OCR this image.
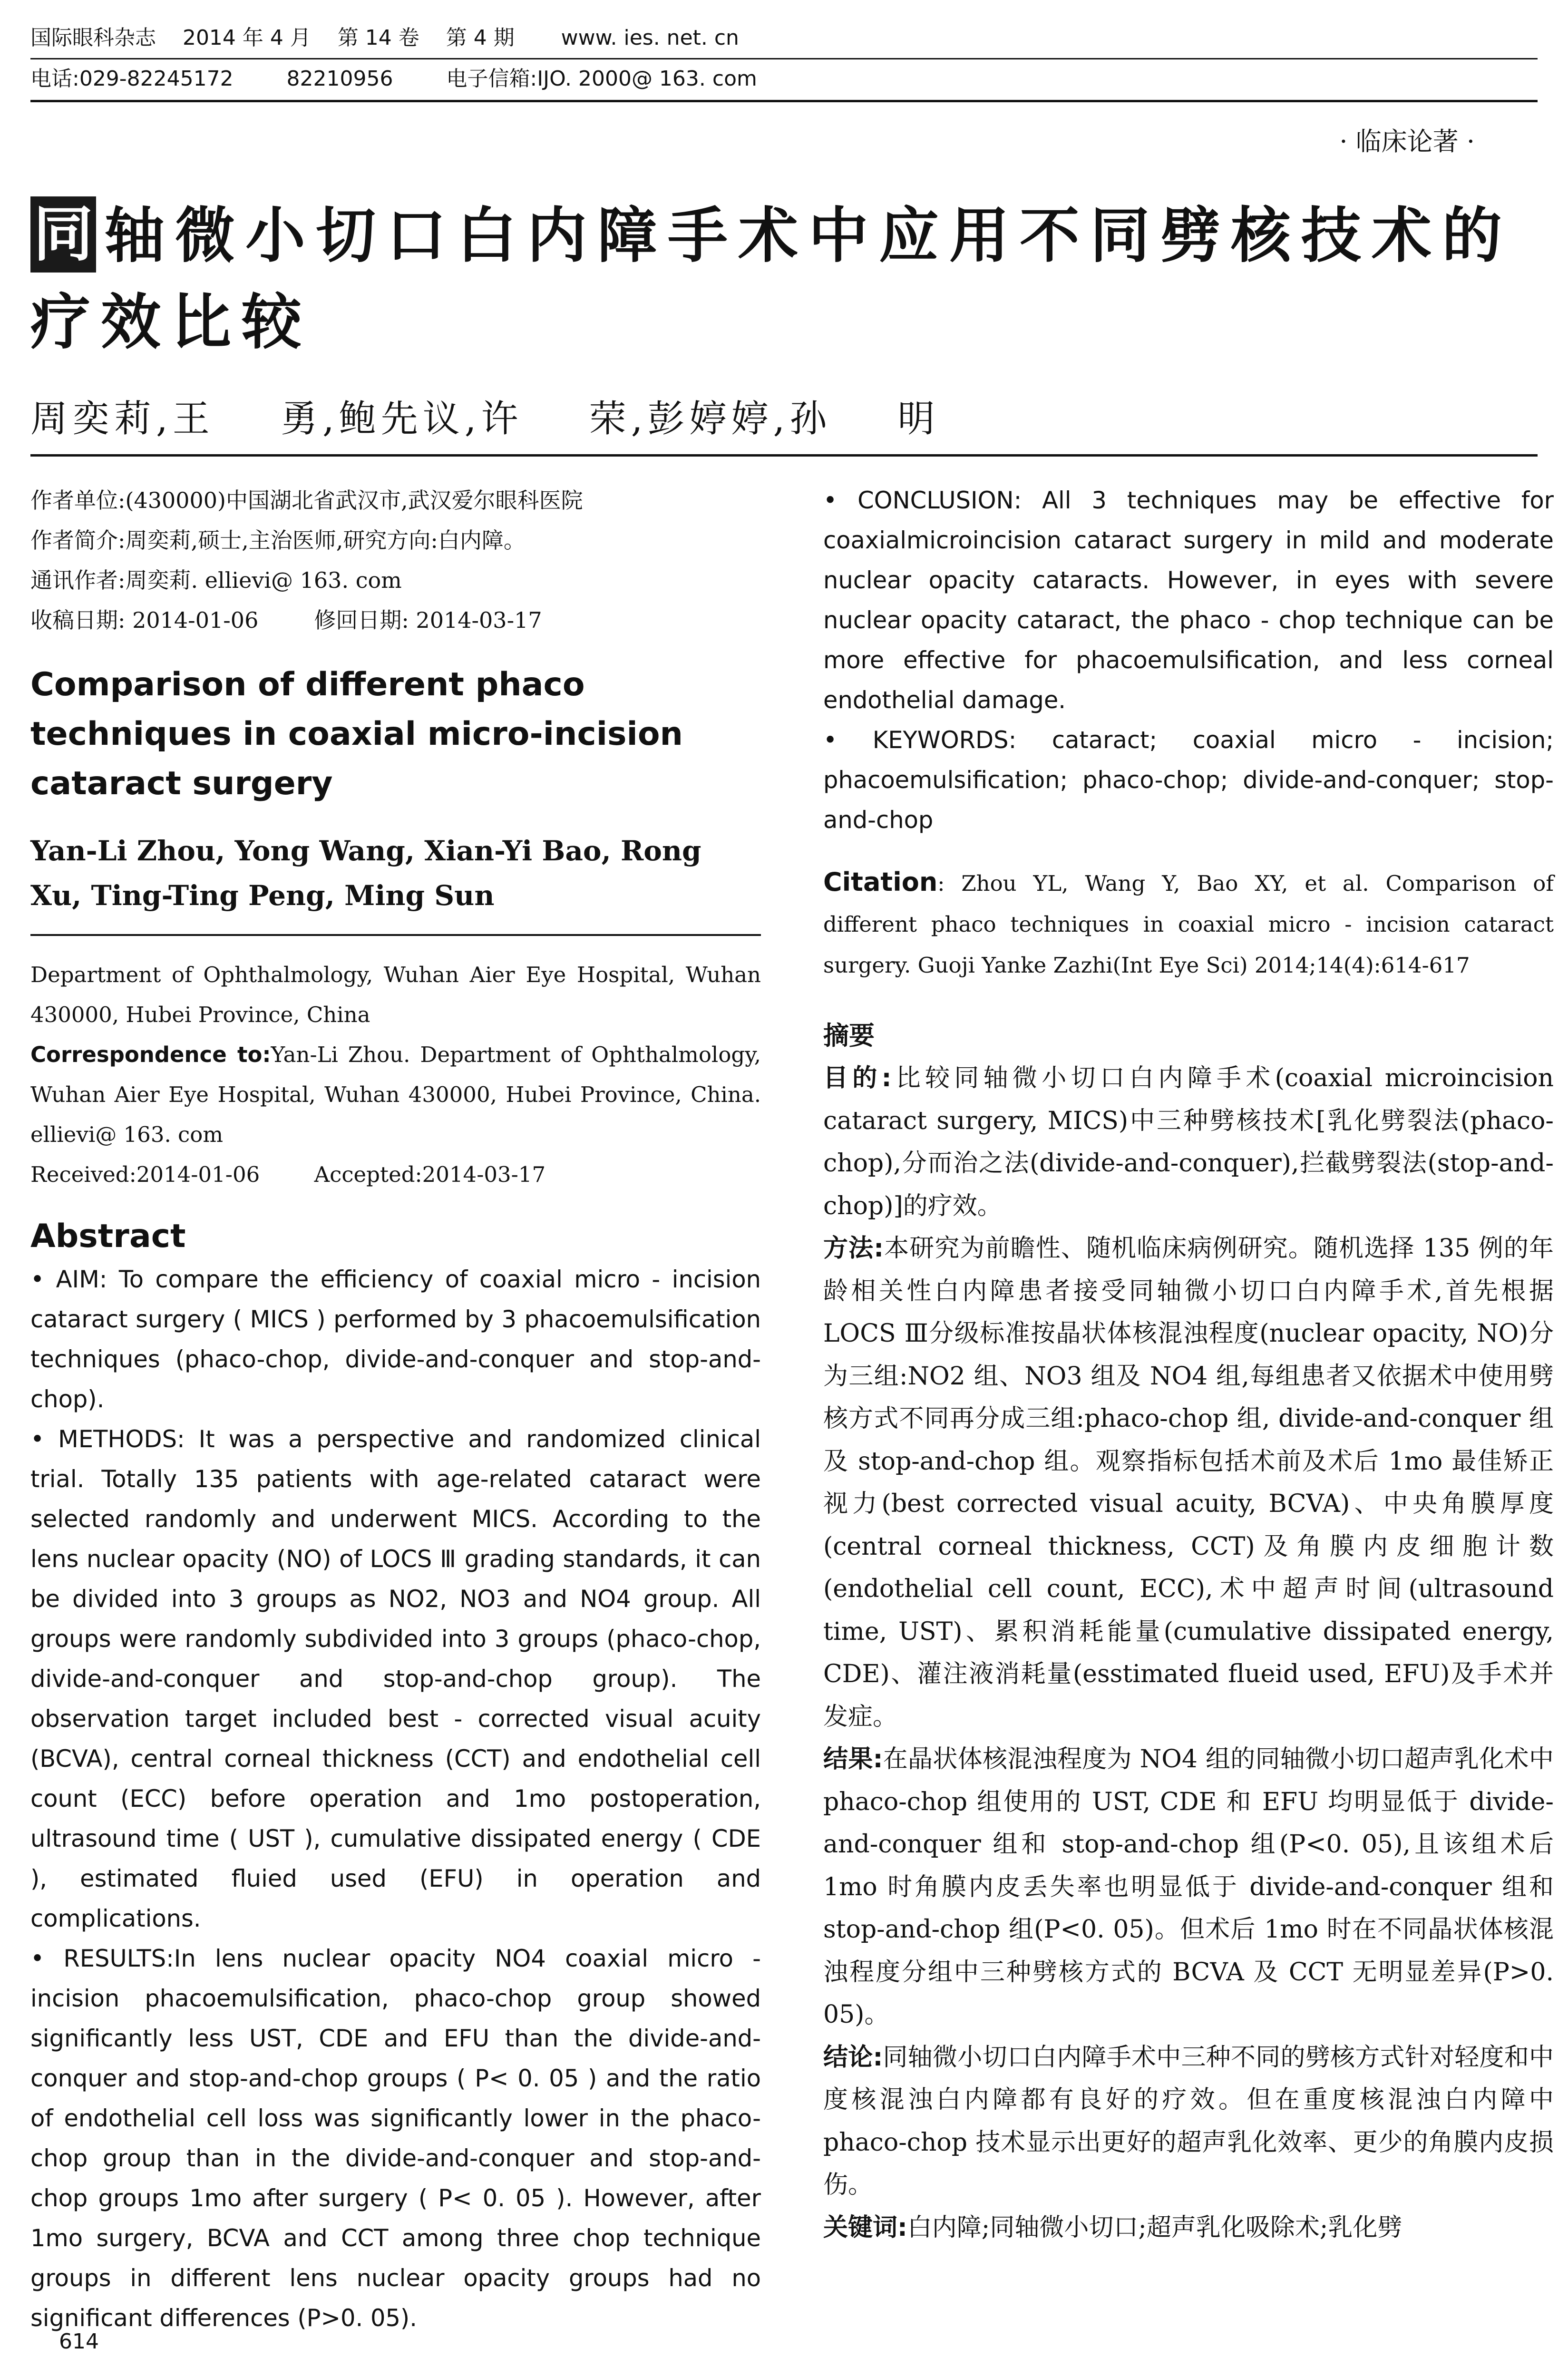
国际眼科杂志    2014 年 4 月    第 14 卷    第 4 期       www. ies. net. cn
电话:029-82245172        82210956        电子信箱:IJO. 2000@ 163. com
· 临床论著 ·
同 轴微小切口白内障手术中应用不同劈核技术的疗效比较
周奕莉,王    勇,鲍先议,许    荣,彭婷婷,孙    明
作者单位:(430000)中国湖北省武汉市,武汉爱尔眼科医院
作者简介:周奕莉,硕士,主治医师,研究方向:白内障。
通讯作者:周奕莉. ellievi@ 163. com
收稿日期: 2014-01-06        修回日期: 2014-03-17
Comparison of different phaco techniques in coaxial micro-incision cataract surgery
Yan-Li Zhou, Yong Wang, Xian-Yi Bao, Rong Xu, Ting-Ting Peng, Ming Sun
Department of Ophthalmology, Wuhan Aier Eye Hospital, Wuhan 430000, Hubei Province, China
Correspondence to:Yan-Li Zhou. Department of Ophthalmology, Wuhan Aier Eye Hospital, Wuhan 430000, Hubei Province, China. ellievi@ 163. com
Received:2014-01-06        Accepted:2014-03-17
Abstract

• AIM: To compare the efficiency of coaxial micro - incision cataract surgery ( MICS ) performed by 3 phacoemulsification techniques (phaco-chop, divide-and-conquer and stop-and-chop).

• METHODS: It was a perspective and randomized clinical trial. Totally 135 patients with age-related cataract were selected randomly and underwent MICS. According to the lens nuclear opacity (NO) of LOCS Ⅲ grading standards, it can be divided into 3 groups as NO2, NO3 and NO4 group. All groups were randomly subdivided into 3 groups (phaco-chop, divide-and-conquer and stop-and-chop group). The observation target included best - corrected visual acuity (BCVA), central corneal thickness (CCT) and endothelial cell count (ECC) before operation and 1mo postoperation, ultrasound time ( UST ), cumulative dissipated energy ( CDE ), estimated fluied used (EFU) in operation and complications.

• RESULTS:In lens nuclear opacity NO4 coaxial micro - incision phacoemulsification, phaco-chop group showed significantly less UST, CDE and EFU than the divide-and-conquer and stop-and-chop groups ( P< 0. 05 ) and the ratio of endothelial cell loss was significantly lower in the phaco-chop group than in the divide-and-conquer and stop-and-chop groups 1mo after surgery ( P< 0. 05 ). However, after 1mo surgery, BCVA and CCT among three chop technique groups in different lens nuclear opacity groups had no significant differences (P>0. 05).

• CONCLUSION: All 3 techniques may be effective for coaxialmicroincision cataract surgery in mild and moderate nuclear opacity cataracts. However, in eyes with severe nuclear opacity cataract, the phaco - chop technique can be more effective for phacoemulsification, and less corneal endothelial damage.

• KEYWORDS: cataract; coaxial micro - incision; phacoemulsification; phaco-chop; divide-and-conquer; stop-and-chop

Citation: Zhou YL, Wang Y, Bao XY, et al. Comparison of different phaco techniques in coaxial micro - incision cataract surgery. Guoji Yanke Zazhi(Int Eye Sci) 2014;14(4):614-617
摘要

目的:比较同轴微小切口白内障手术(coaxial microincision cataract surgery, MICS)中三种劈核技术[乳化劈裂法(phaco-chop),分而治之法(divide-and-conquer),拦截劈裂法(stop-and-chop)]的疗效。

方法:本研究为前瞻性、随机临床病例研究。随机选择 135 例的年龄相关性白内障患者接受同轴微小切口白内障手术,首先根据 LOCS Ⅲ分级标准按晶状体核混浊程度(nuclear opacity, NO)分为三组:NO2 组、NO3 组及 NO4 组,每组患者又依据术中使用劈核方式不同再分成三组:phaco-chop 组, divide-and-conquer 组及 stop-and-chop 组。观察指标包括术前及术后 1mo 最佳矫正视力(best corrected visual acuity, BCVA)、中央角膜厚度(central corneal thickness, CCT)及角膜内皮细胞计数(endothelial cell count, ECC),术中超声时间(ultrasound time, UST)、累积消耗能量(cumulative dissipated energy, CDE)、灌注液消耗量(esstimated flueid used, EFU)及手术并发症。

结果:在晶状体核混浊程度为 NO4 组的同轴微小切口超声乳化术中 phaco-chop 组使用的 UST, CDE 和 EFU 均明显低于 divide-and-conquer 组和 stop-and-chop 组(P<0. 05),且该组术后 1mo 时角膜内皮丢失率也明显低于 divide-and-conquer 组和 stop-and-chop 组(P<0. 05)。但术后 1mo 时在不同晶状体核混浊程度分组中三种劈核方式的 BCVA 及 CCT 无明显差异(P>0. 05)。

结论:同轴微小切口白内障手术中三种不同的劈核方式针对轻度和中度核混浊白内障都有良好的疗效。但在重度核混浊白内障中 phaco-chop 技术显示出更好的超声乳化效率、更少的角膜内皮损伤。

关键词:白内障;同轴微小切口;超声乳化吸除术;乳化劈

614
